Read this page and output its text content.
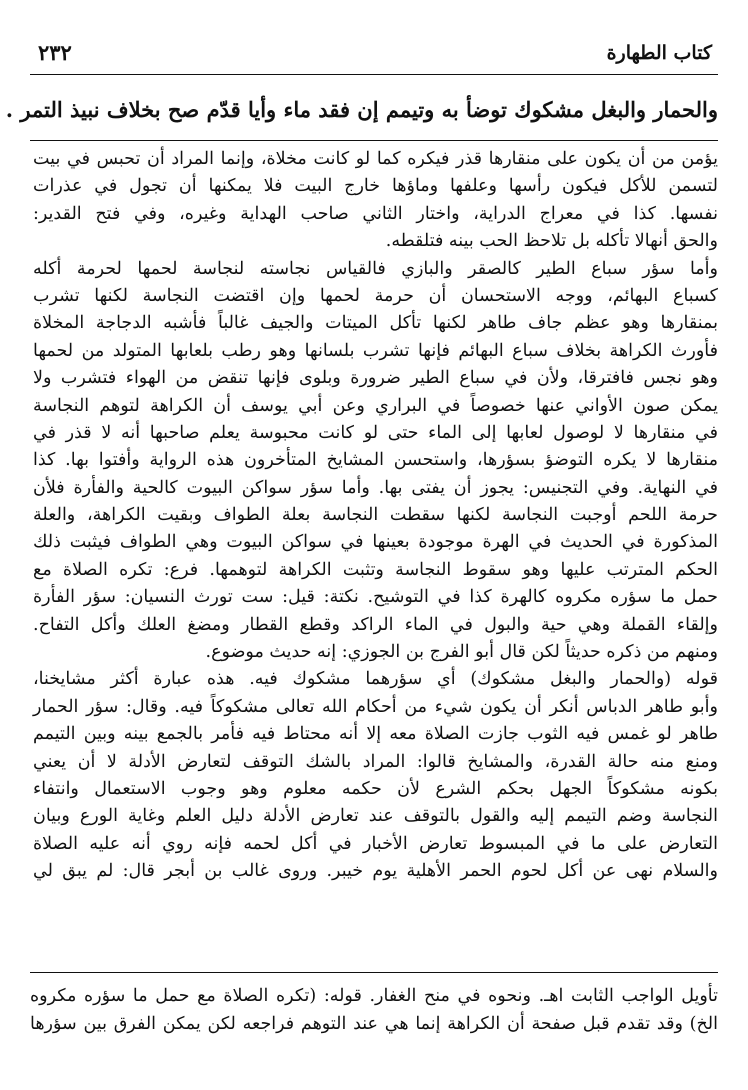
٢٣٢	كتاب الطهارة
والحمار والبغل مشكوك توضأ به وتيمم إن فقد ماء وأيا قدّم صح بخلاف نبيذ التمر .
يؤمن من أن يكون على منقارها قذر فيكره كما لو كانت مخلاة، وإنما المراد أن تحبس في بيت
لتسمن للأكل فيكون رأسها وعلفها وماؤها خارج البيت فلا يمكنها أن تجول في عذرات
نفسها. كذا في معراج الدراية، واختار الثاني صاحب الهداية وغيره، وفي فتح القدير:
والحق أنهالا تأكله بل تلاحظ الحب بينه فتلقطه.
وأما سؤر سباع الطير كالصقر والبازي فالقياس نجاسته لنجاسة لحمها لحرمة أكله
كسباع البهائم، ووجه الاستحسان أن حرمة لحمها وإن اقتضت النجاسة لكنها تشرب
بمنقارها وهو عظم جاف طاهر لكنها تأكل الميتات والجيف غالباً فأشبه الدجاجة المخلاة
فأورث الكراهة بخلاف سباع البهائم فإنها تشرب بلسانها وهو رطب بلعابها المتولد من لحمها
وهو نجس فافترقا، ولأن في سباع الطير ضرورة وبلوى فإنها تنقض من الهواء فتشرب ولا
يمكن صون الأواني عنها خصوصاً في البراري وعن أبي يوسف أن الكراهة لتوهم النجاسة
في منقارها لا لوصول لعابها إلى الماء حتى لو كانت محبوسة يعلم صاحبها أنه لا قذر في
منقارها لا يكره التوضؤ بسؤرها، واستحسن المشايخ المتأخرون هذه الرواية وأفتوا بها. كذا
في النهاية. وفي التجنيس: يجوز أن يفتى بها. وأما سؤر سواكن البيوت كالحية والفأرة فلأن
حرمة اللحم أوجبت النجاسة لكنها سقطت النجاسة بعلة الطواف وبقيت الكراهة، والعلة
المذكورة في الحديث في الهرة موجودة بعينها في سواكن البيوت وهي الطواف فيثبت ذلك
الحكم المترتب عليها وهو سقوط النجاسة وتثبت الكراهة لتوهمها. فرع: تكره الصلاة مع
حمل ما سؤره مكروه كالهرة كذا في التوشيح. نكتة: قيل: ست تورث النسيان: سؤر الفأرة
وإلقاء القملة وهي حية والبول في الماء الراكد وقطع القطار ومضغ العلك وأكل التفاح.
ومنهم من ذكره حديثاً لكن قال أبو الفرج بن الجوزي: إنه حديث موضوع.
قوله (والحمار والبغل مشكوك) أي سؤرهما مشكوك فيه. هذه عبارة أكثر مشايخنا،
وأبو طاهر الدباس أنكر أن يكون شيء من أحكام الله تعالى مشكوكاً فيه. وقال: سؤر الحمار
طاهر لو غمس فيه الثوب جازت الصلاة معه إلا أنه محتاط فيه فأمر بالجمع بينه وبين التيمم
ومنع منه حالة القدرة، والمشايخ قالوا: المراد بالشك التوقف لتعارض الأدلة لا أن يعني
بكونه مشكوكاً الجهل بحكم الشرع لأن حكمه معلوم وهو وجوب الاستعمال وانتفاء
النجاسة وضم التيمم إليه والقول بالتوقف عند تعارض الأدلة دليل العلم وغاية الورع وبيان
التعارض على ما في المبسوط تعارض الأخبار في أكل لحمه فإنه روي أنه عليه الصلاة
والسلام نهى عن أكل لحوم الحمر الأهلية يوم خيبر. وروى غالب بن أبجر قال: لم يبق لي
تأويل الواجب الثابت اهـ. ونحوه في منح الغفار. قوله: (تكره الصلاة مع حمل ما سؤره مكروه
الخ) وقد تقدم قبل صفحة أن الكراهة إنما هي عند التوهم فراجعه لكن يمكن الفرق بين سؤرها
